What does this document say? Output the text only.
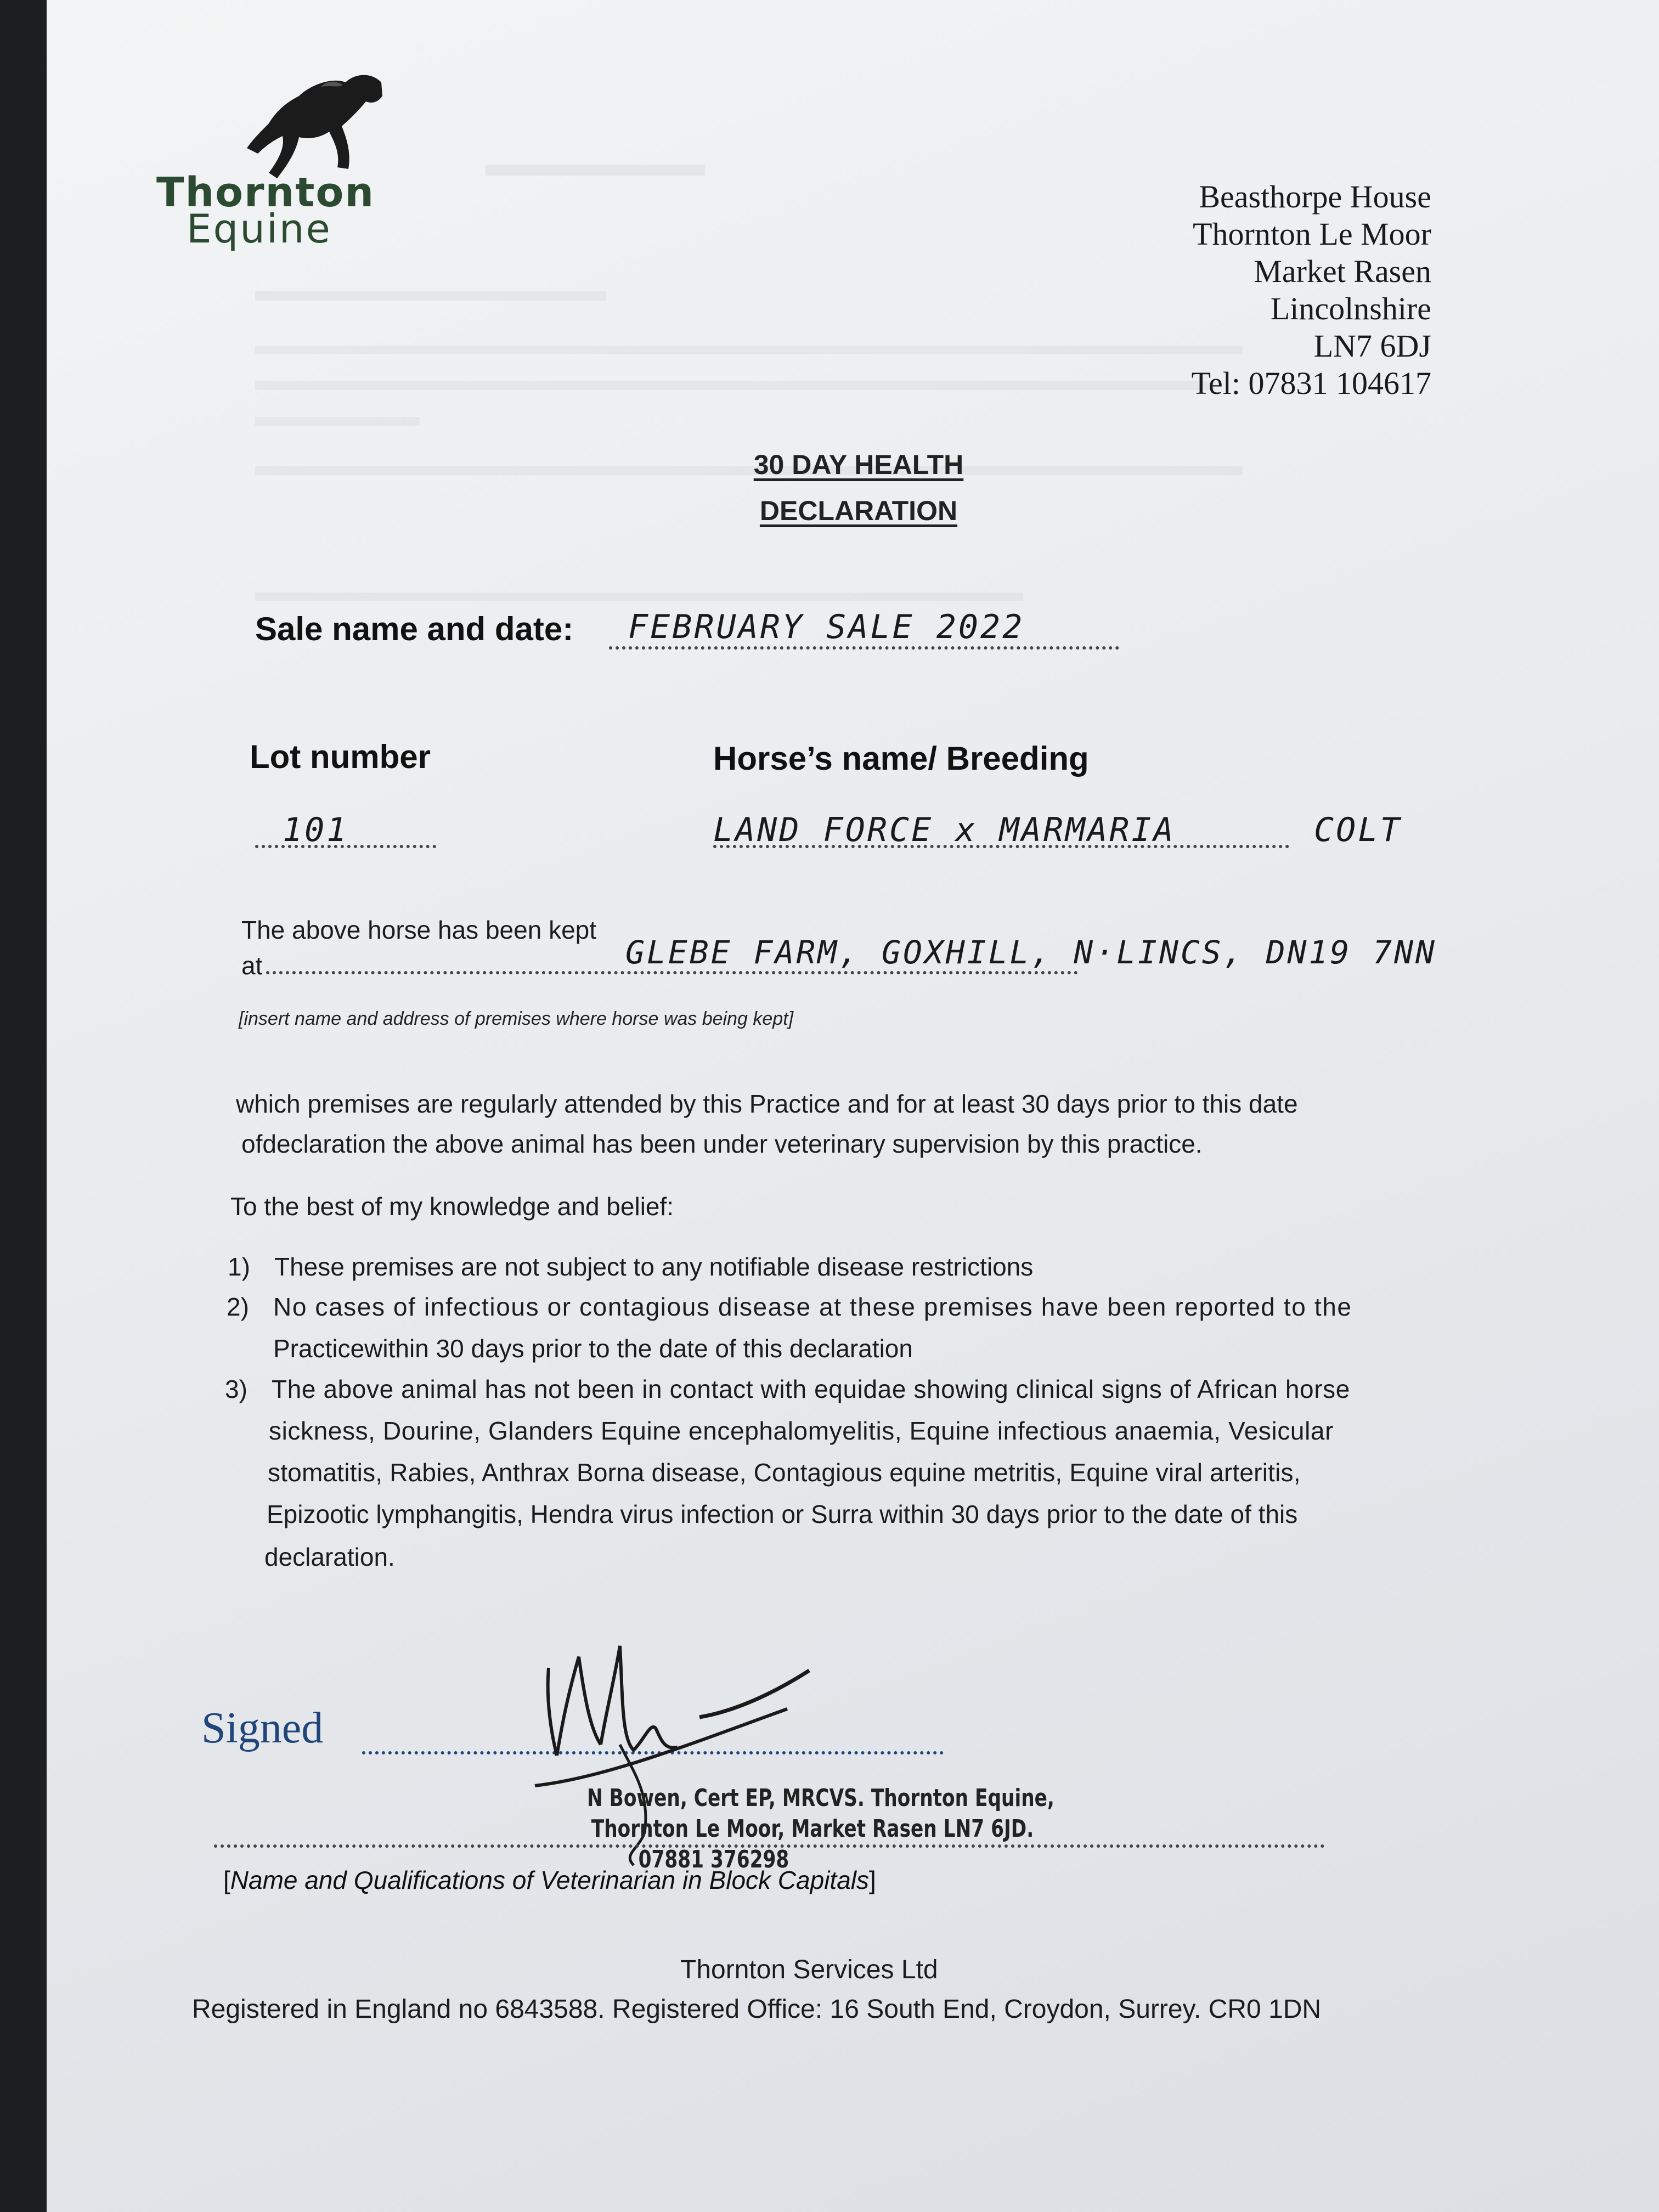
Thornton
Equine
Beasthorpe House
Thornton Le Moor
Market Rasen
Lincolnshire
LN7 6DJ
Tel: 07831 104617
30 DAY HEALTH
DECLARATION
Sale name and date: FEBRUARY SALE 2022
Lot number	Horse’s name/ Breeding
101	LAND FORCE x MARMARIA	COLT
The above horse has been kept
at	GLEBE FARM, GOXHILL, N·LINCS, DN19 7NN
[insert name and address of premises where horse was being kept]
which premises are regularly attended by this Practice and for at least 30 days prior to this date
ofdeclaration the above animal has been under veterinary supervision by this practice.
To the best of my knowledge and belief:
1) These premises are not subject to any notifiable disease restrictions
2) No cases of infectious or contagious disease at these premises have been reported to the
Practicewithin 30 days prior to the date of this declaration
3) The above animal has not been in contact with equidae showing clinical signs of African horse
sickness, Dourine, Glanders Equine encephalomyelitis, Equine infectious anaemia, Vesicular
stomatitis, Rabies, Anthrax Borna disease, Contagious equine metritis, Equine viral arteritis,
Epizootic lymphangitis, Hendra virus infection or Surra within 30 days prior to the date of this
declaration.
Signed
N Bowen, Cert EP, MRCVS. Thornton Equine,
Thornton Le Moor, Market Rasen LN7 6JD.
07881 376298
[Name and Qualifications of Veterinarian in Block Capitals]
Thornton Services Ltd
Registered in England no 6843588. Registered Office: 16 South End, Croydon, Surrey. CR0 1DN
